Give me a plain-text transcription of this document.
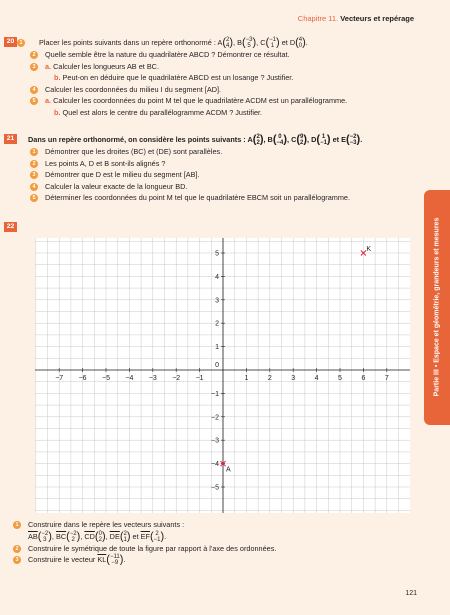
Chapitre 11. Vecteurs et repérage
20 1	Placer les points suivants dans un repère orthonormé : A(2
4), B(−3
5 ), C(−1
1 ) et D(4
0).
2	Quelle semble être la nature du quadrilatère ABCD ? Démontrer ce résultat.
3	a. Calculer les longueurs AB et BC.
b. Peut-on en déduire que le quadrilatère ABCD est un losange ? Justifier.
4	Calculer les coordonnées du milieu I du segment [AD].
5	a. Calculer les coordonnées du point M tel que le quadrilatère ACDM est un parallélogramme.
b. Quel est alors le centre du parallélogramme ACDM ? Justifier.
21	Dans un repère orthonormé, on considère les points suivants : A(2
2), B( 0
−4), C(9
2), D( 1
−1) et E(−2
−3).
1	Démontrer que les droites (BC) et (DE) sont parallèles.
2	Les points A, D et B sont-ils alignés ?
3	Démontrer que D est le milieu du segment [AB].
4	Calculer la valeur exacte de la longueur BD.
5	Déterminer les coordonnées du point M tel que le quadrilatère EBCM soit un parallélogramme.
22
−7 −6 −5 −4 −3 −2 −1	1	2	3	4	5	6	7
5
4
3
2
1
−1
−2
−3
−4
−5
0
K
A
1	Construire dans le repère les vecteurs suivants :
$\overline{AB}(-2$
3 ), $\overline{BC}(-2$
2 ), $\overline{CD}(0$
2), $\overline{DE}(2$
1) et $\overline{EF}$( 2
−1).
2	Construire le symétrique de toute la figure par rapport à l'axe des ordonnées.
3	Construire le vecteur $\overline{KL}(-11$
−9).
Partie III • Espace et géométrie, grandeurs et mesures
121
